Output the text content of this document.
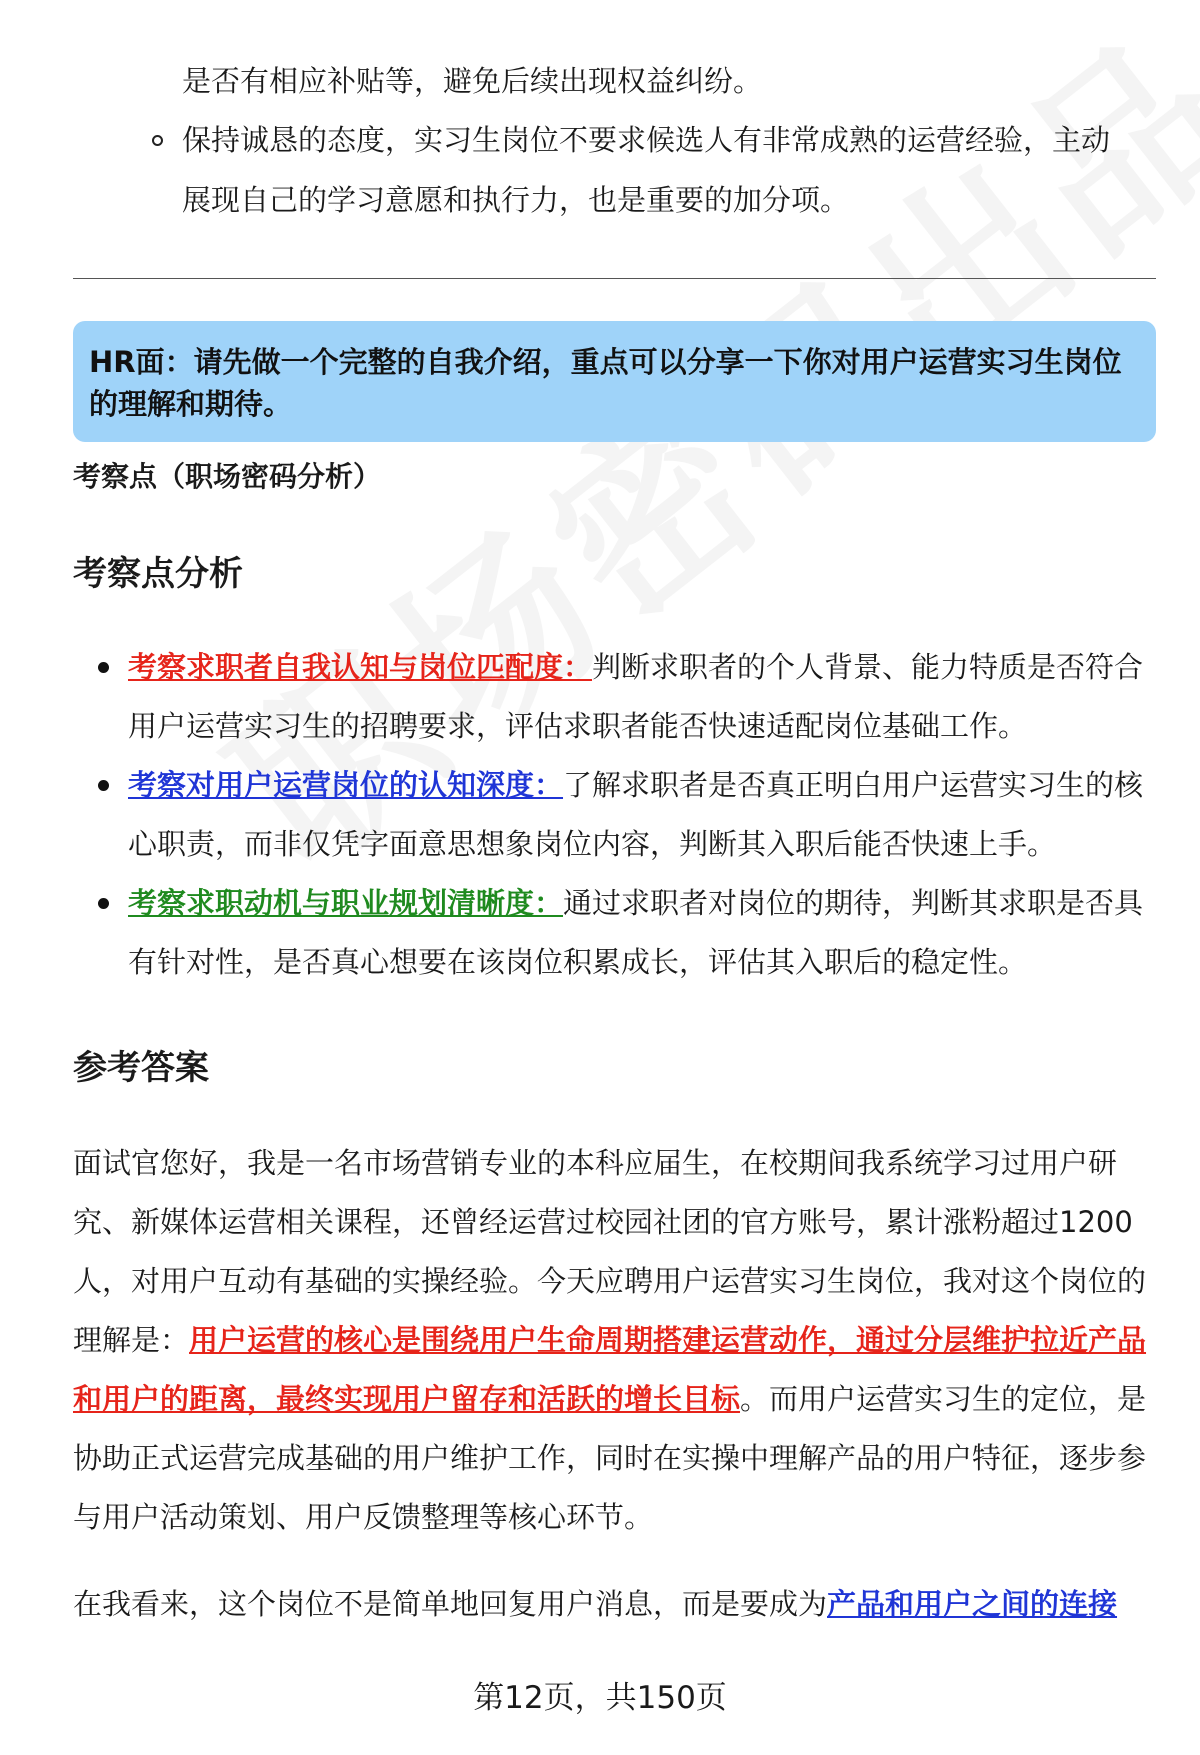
是否有相应补贴等，避免后续出现权益纠纷。
保持诚恳的态度，实习生岗位不要求候选人有非常成熟的运营经验，主动
展现自己的学习意愿和执行力，也是重要的加分项。
HR面：请先做一个完整的自我介绍，重点可以分享一下你对用户运营实习生岗位的理解和期待。
考察点（职场密码分析）
考察点分析
考察求职者自我认知与岗位匹配度：判断求职者的个人背景、能力特质是否符合用户运营实习生的招聘要求，评估求职者能否快速适配岗位基础工作。
考察对用户运营岗位的认知深度：了解求职者是否真正明白用户运营实习生的核心职责，而非仅凭字面意思想象岗位内容，判断其入职后能否快速上手。
考察求职动机与职业规划清晰度：通过求职者对岗位的期待，判断其求职是否具有针对性，是否真心想要在该岗位积累成长，评估其入职后的稳定性。
参考答案
面试官您好，我是一名市场营销专业的本科应届生，在校期间我系统学习过用户研究、新媒体运营相关课程，还曾经运营过校园社团的官方账号，累计涨粉超过1200人，对用户互动有基础的实操经验。今天应聘用户运营实习生岗位，我对这个岗位的理解是：用户运营的核心是围绕用户生命周期搭建运营动作，通过分层维护拉近产品和用户的距离，最终实现用户留存和活跃的增长目标。而用户运营实习生的定位，是协助正式运营完成基础的用户维护工作，同时在实操中理解产品的用户特征，逐步参与用户活动策划、用户反馈整理等核心环节。
在我看来，这个岗位不是简单地回复用户消息，而是要成为产品和用户之间的连接
第12页，共150页
